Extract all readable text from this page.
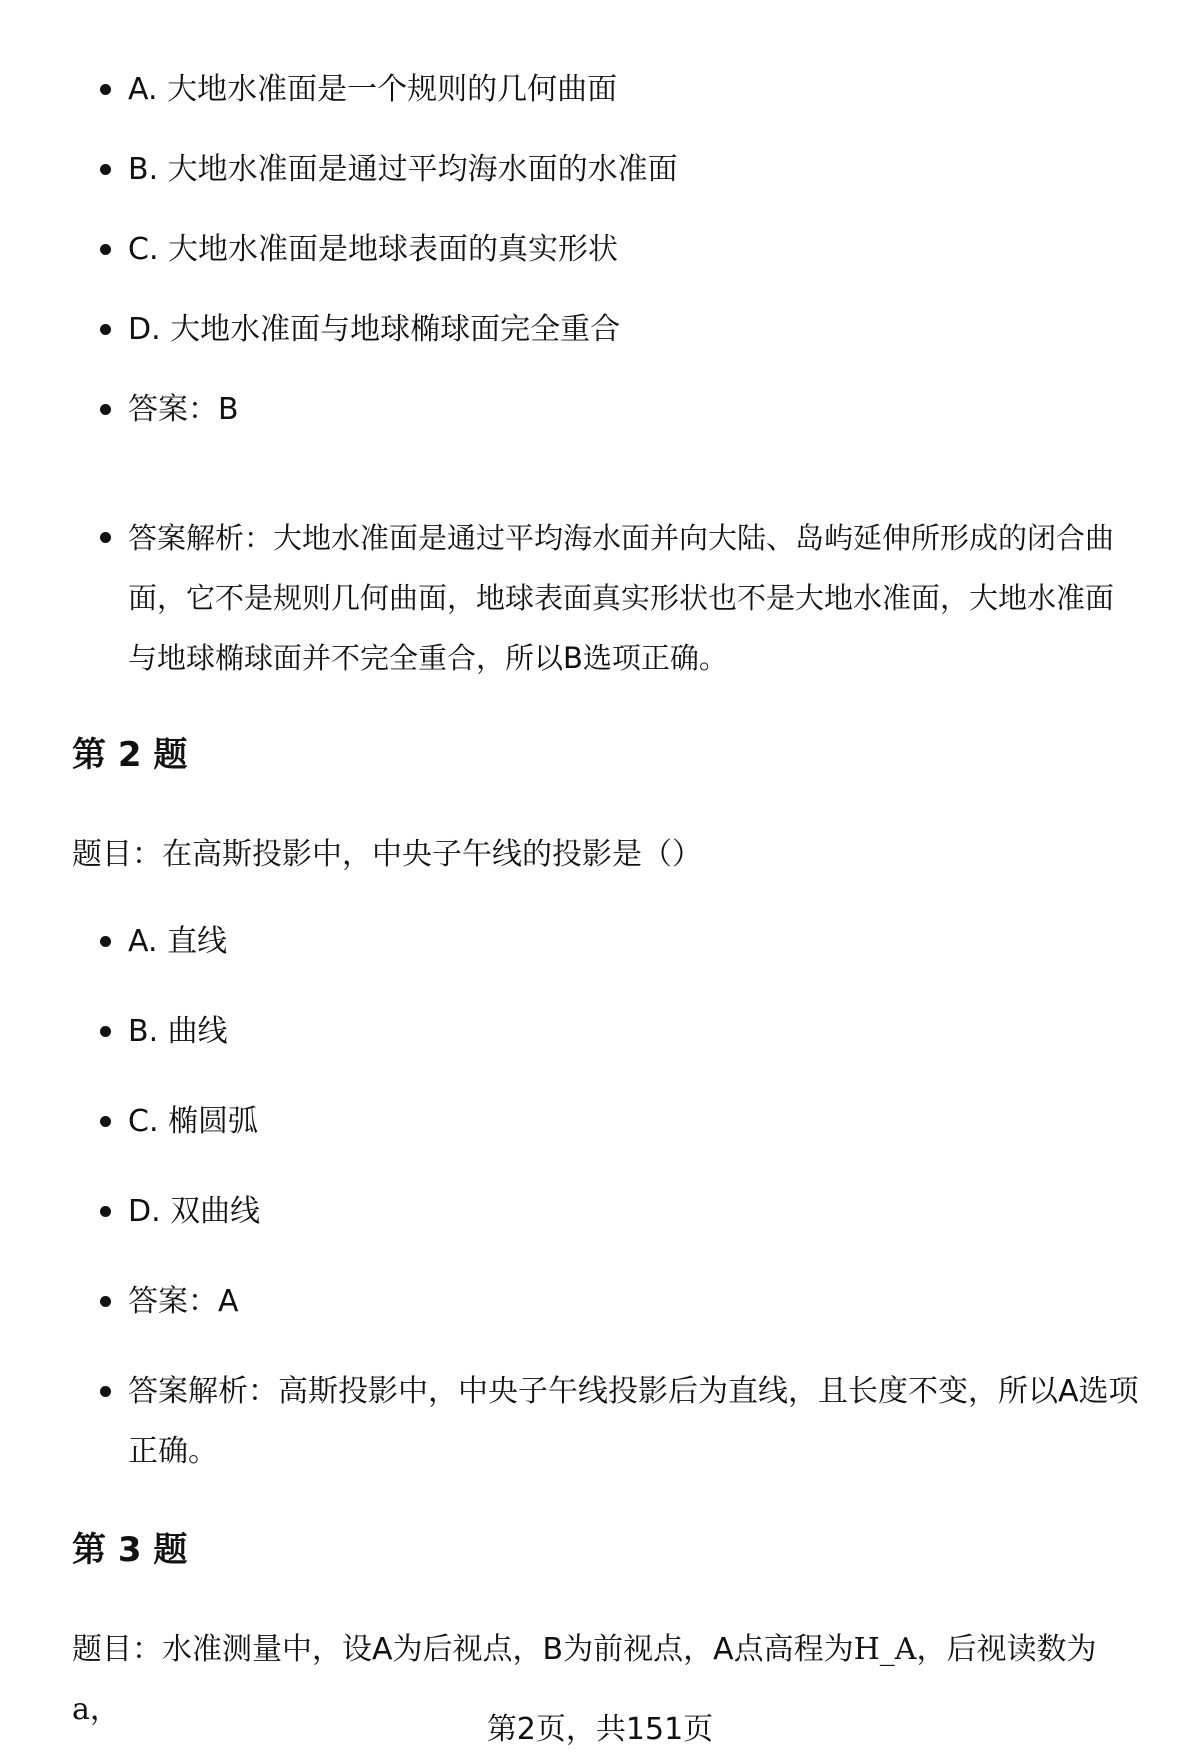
A. 大地水准面是一个规则的几何曲面
B. 大地水准面是通过平均海水面的水准面
C. 大地水准面是地球表面的真实形状
D. 大地水准面与地球椭球面完全重合
答案：B
答案解析：大地水准面是通过平均海水面并向大陆、岛屿延伸所形成的闭合曲面，它不是规则几何曲面，地球表面真实形状也不是大地水准面，大地水准面与地球椭球面并不完全重合，所以B选项正确。
第 2 题

题目：在高斯投影中，中央子午线的投影是（）

A. 直线
B. 曲线
C. 椭圆弧
D. 双曲线
答案：A
答案解析：高斯投影中，中央子午线投影后为直线，且长度不变，所以A选项正确。
第 3 题

题目：水准测量中，设A为后视点，B为前视点，A点高程为H_A，后视读数为a，

第2页，共151页
